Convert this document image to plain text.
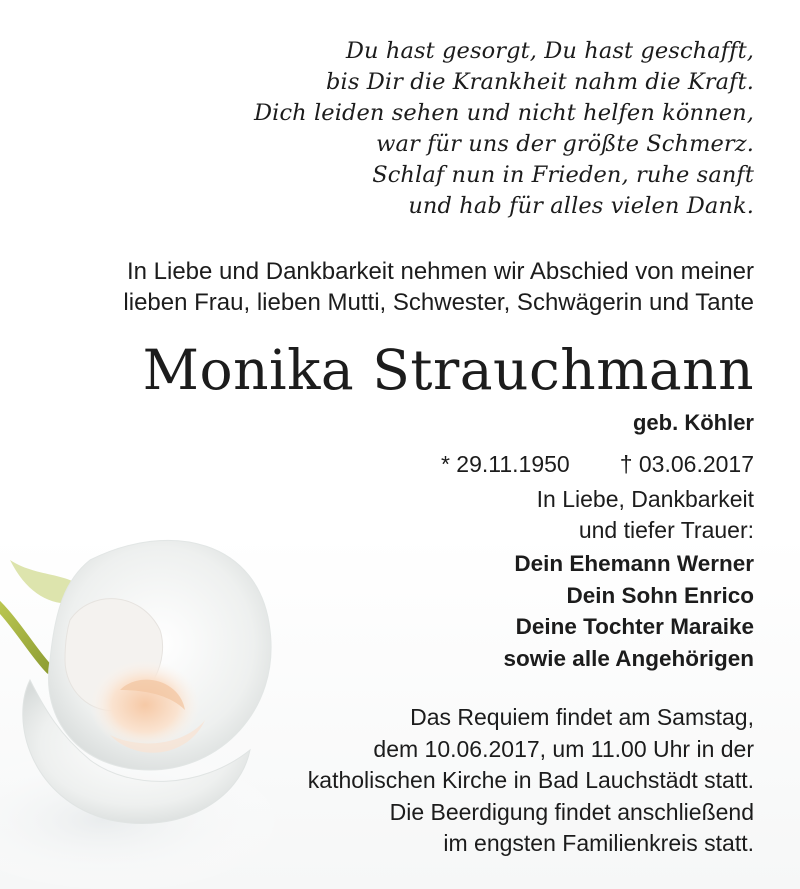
Du hast gesorgt, Du hast geschafft,
bis Dir die Krankheit nahm die Kraft.
Dich leiden sehen und nicht helfen können,
war für uns der größte Schmerz.
Schlaf nun in Frieden, ruhe sanft
und hab für alles vielen Dank.
In Liebe und Dankbarkeit nehmen wir Abschied von meiner
lieben Frau, lieben Mutti, Schwester, Schwägerin und Tante
Monika Strauchmann
geb. Köhler
* 29.11.1950 † 03.06.2017
In Liebe, Dankbarkeit
und tiefer Trauer:
Dein Ehemann Werner
Dein Sohn Enrico
Deine Tochter Maraike
sowie alle Angehörigen
Das Requiem findet am Samstag,
dem 10.06.2017, um 11.00 Uhr in der
katholischen Kirche in Bad Lauchstädt statt.
Die Beerdigung findet anschließend
im engsten Familienkreis statt.
